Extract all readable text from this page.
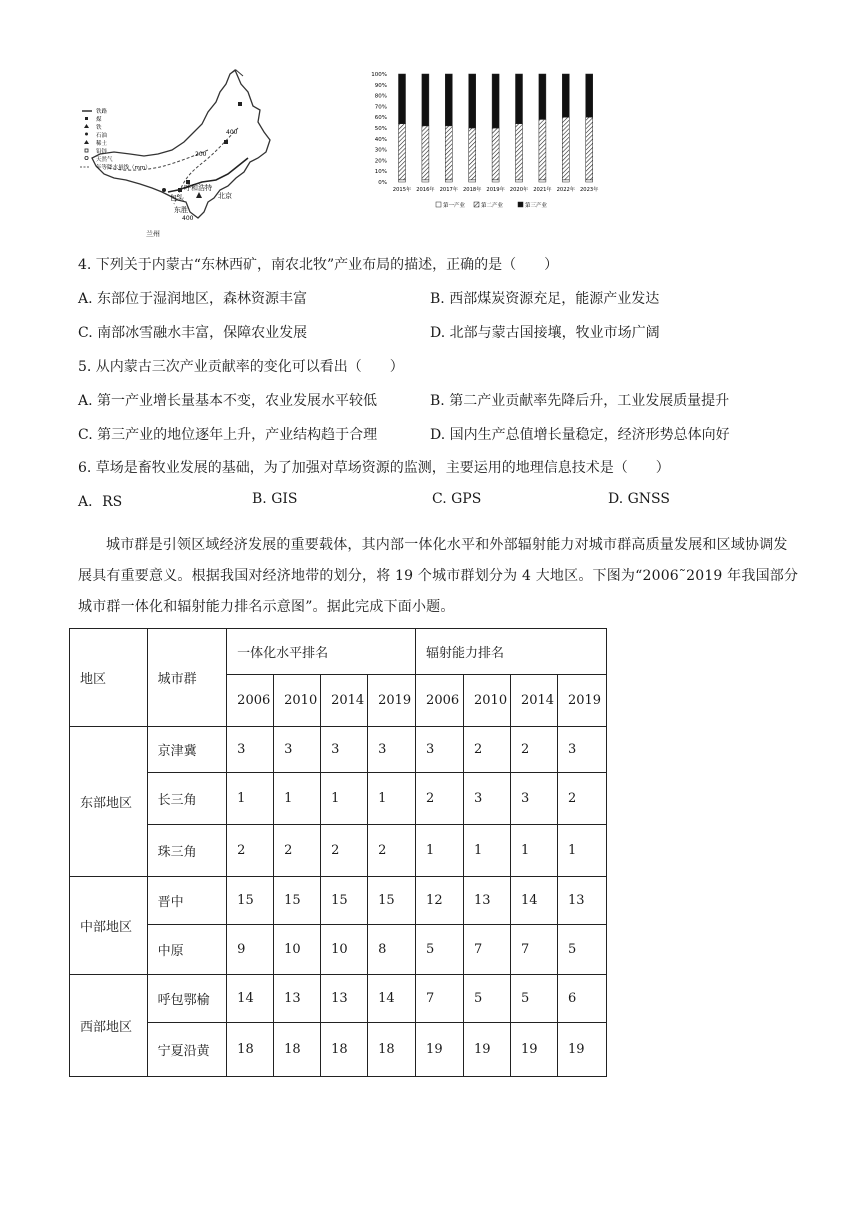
400
200
呼和浩特
包头	北京
东胜
400
兰州
铁路
煤
铁
石油
稀土
铅锌
天然气
年等降水量线（mm）
0%
10%
20%
30%
40%
50%
60%
70%
80%
90%
100%
2015年 2016年 2017年 2018年 2019年 2020年 2021年 2022年 2023年
第一产业	第二产业	第三产业
4. 下列关于内蒙古“东林西矿，南农北牧”产业布局的描述，正确的是（　　）
A. 东部位于湿润地区，森林资源丰富	B. 西部煤炭资源充足，能源产业发达
C. 南部冰雪融水丰富，保障农业发展	D. 北部与蒙古国接壤，牧业市场广阔
5. 从内蒙古三次产业贡献率的变化可以看出（　　）
A. 第一产业增长量基本不变，农业发展水平较低	B. 第二产业贡献率先降后升，工业发展质量提升
C. 第三产业的地位逐年上升，产业结构趋于合理	D. 国内生产总值增长量稳定，经济形势总体向好
6. 草场是畜牧业发展的基础，为了加强对草场资源的监测，主要运用的地理信息技术是（　　）
A．RS	B. GIS	C. GPS	D. GNSS
城市群是引领区域经济发展的重要载体，其内部一体化水平和外部辐射能力对城市群高质量发展和区域协调发展具有重要意义。根据我国对经济地带的划分，将 19 个城市群划分为 4 大地区。下图为“2006˜2019 年我国部分城市群一体化和辐射能力排名示意图”。据此完成下面小题。
地区	城市群	一体化水平排名				辐射能力排名			
		2006	2010	2014	2019	2006	2010	2014	2019
东部地区	京津冀	3	3	3	3	3	2	2	3
	长三角	1	1	1	1	2	3	3	2
	珠三角	2	2	2	2	1	1	1	1
中部地区	晋中	15	15	15	15	12	13	14	13
	中原	9	10	10	8	5	7	7	5
西部地区	呼包鄂榆	14	13	13	14	7	5	5	6
	宁夏沿黄	18	18	18	18	19	19	19	19
